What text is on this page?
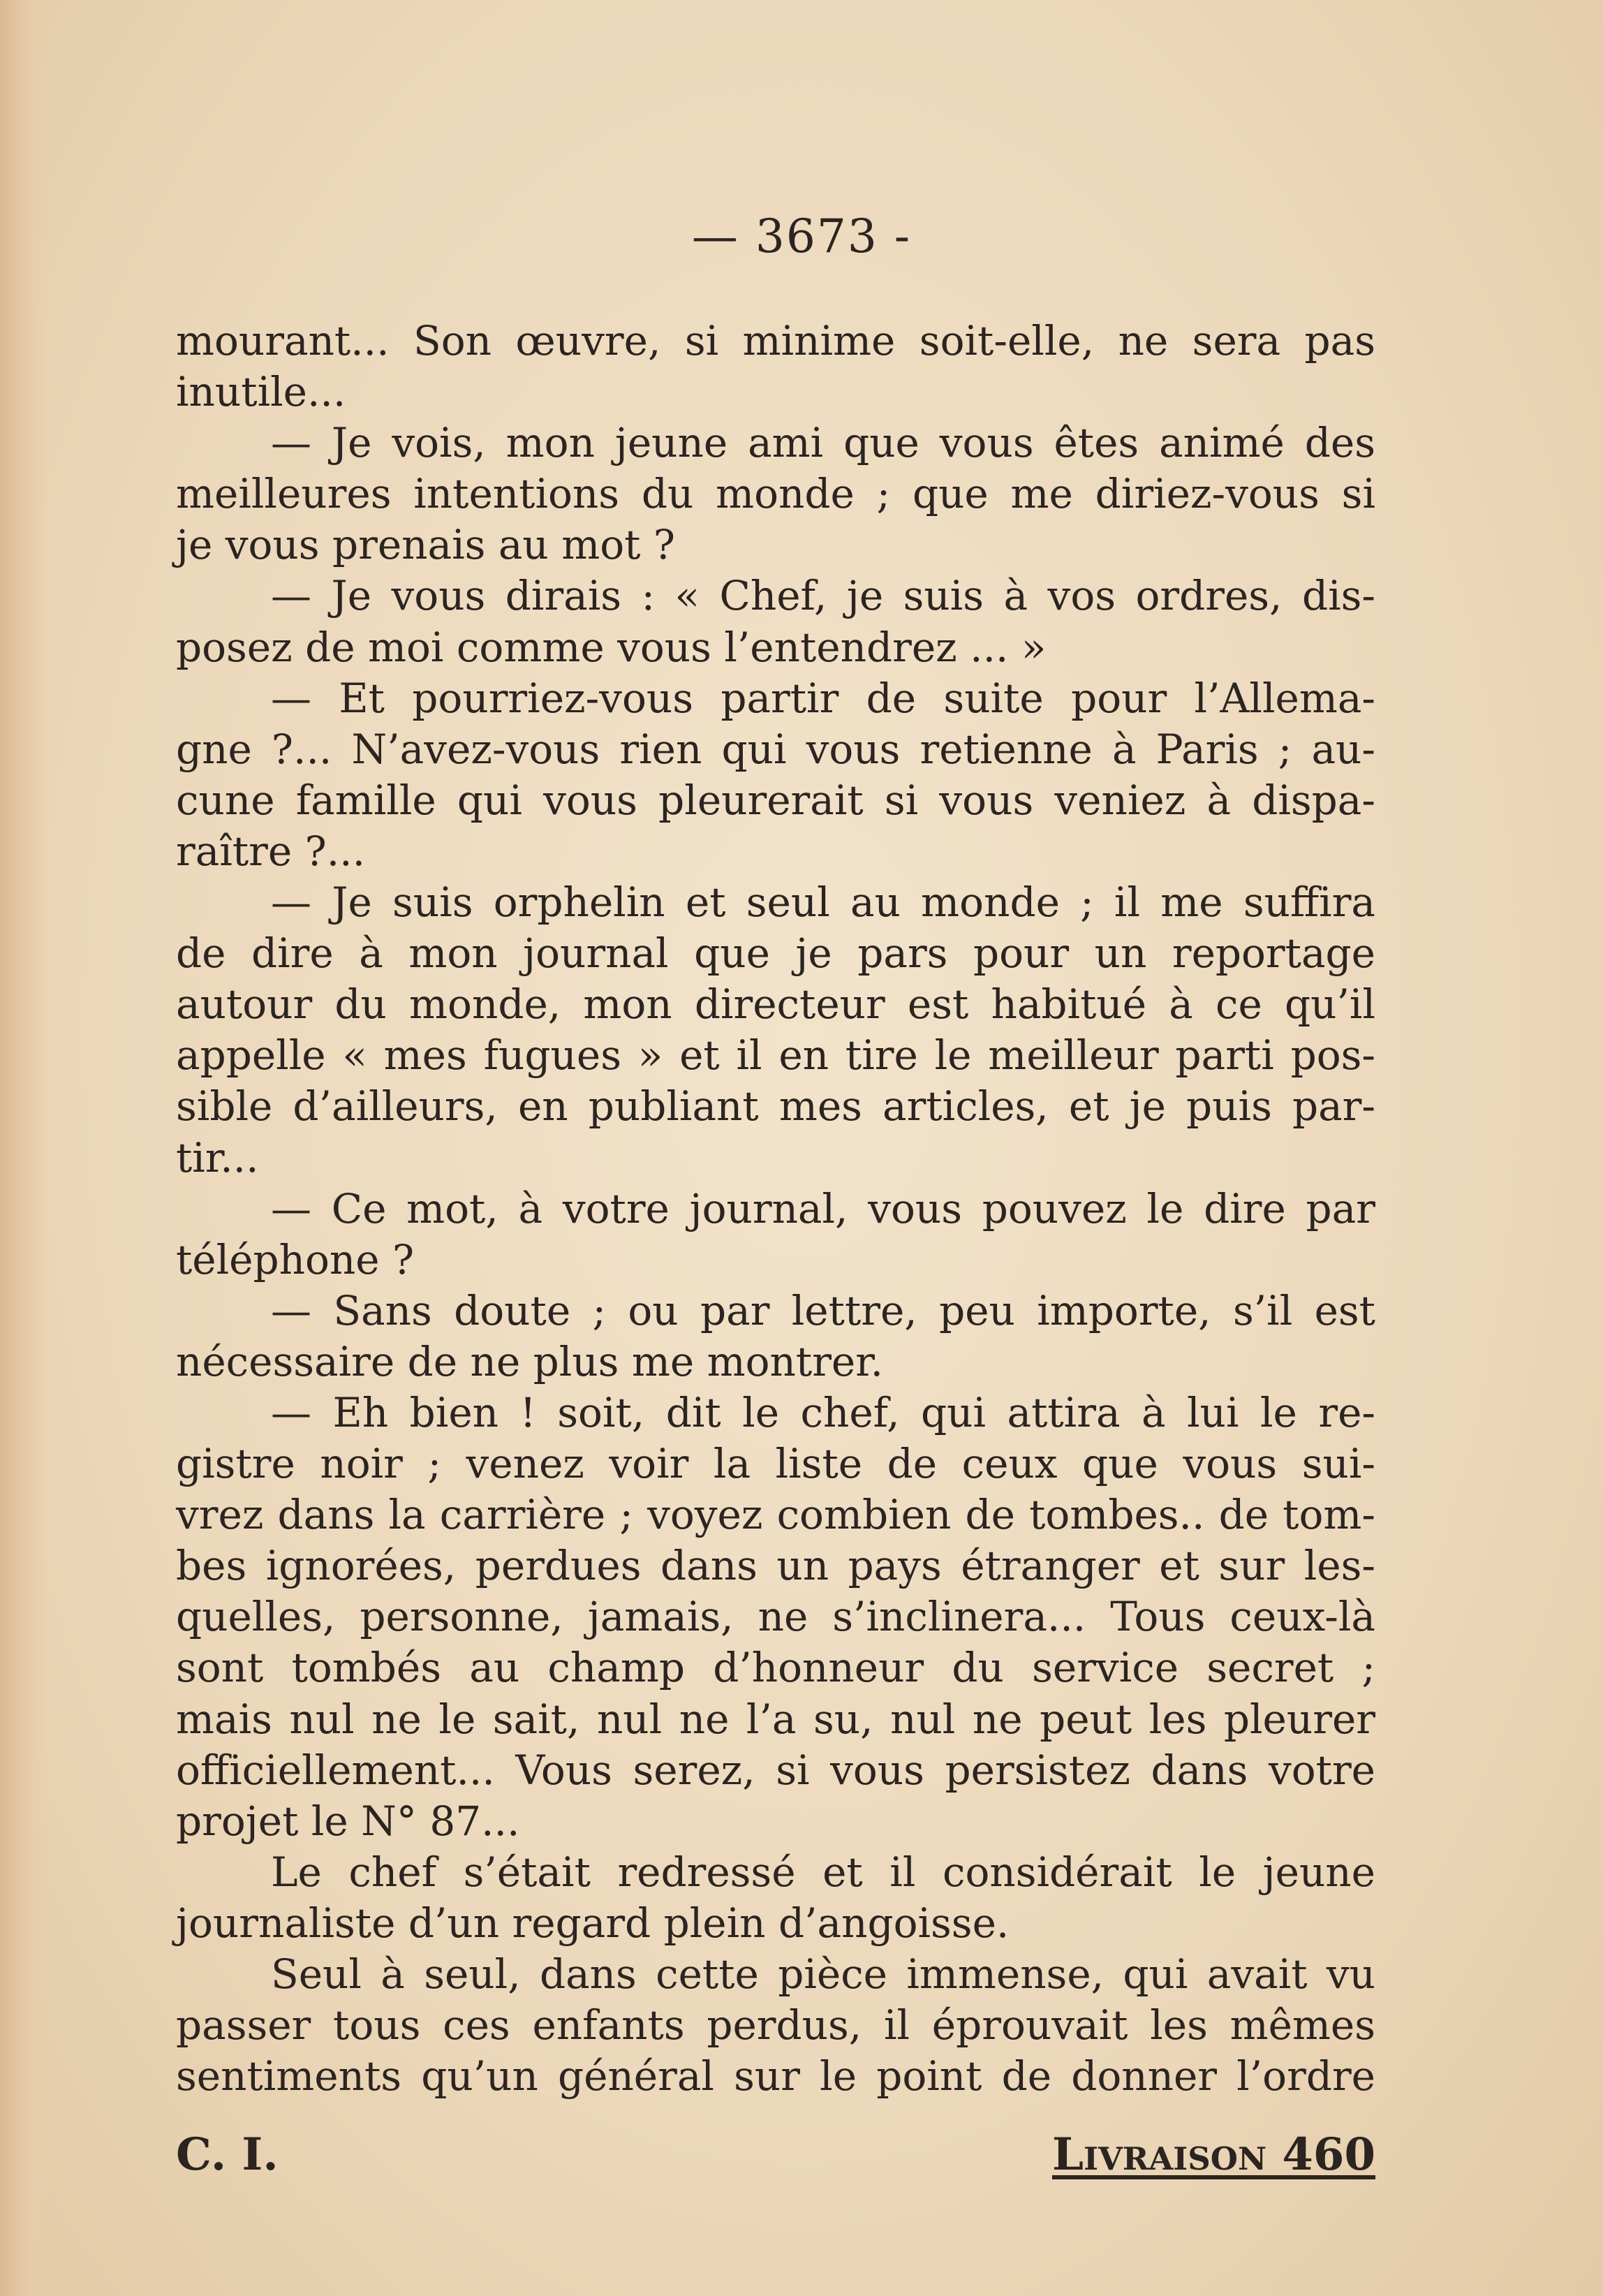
— 3673 -
mourant... Son œuvre, si minime soit-elle, ne sera pas
inutile...
— Je vois, mon jeune ami que vous êtes animé des
meilleures intentions du monde ; que me diriez-vous si
je vous prenais au mot ?
— Je vous dirais : « Chef, je suis à vos ordres, dis-
posez de moi comme vous l’entendrez ... »
— Et pourriez-vous partir de suite pour l’Allema-
gne ?... N’avez-vous rien qui vous retienne à Paris ; au-
cune famille qui vous pleurerait si vous veniez à dispa-
raître ?...
— Je suis orphelin et seul au monde ; il me suffira
de dire à mon journal que je pars pour un reportage
autour du monde, mon directeur est habitué à ce qu’il
appelle « mes fugues » et il en tire le meilleur parti pos-
sible d’ailleurs, en publiant mes articles, et je puis par-
tir...
— Ce mot, à votre journal, vous pouvez le dire par
téléphone ?
— Sans doute ; ou par lettre, peu importe, s’il est
nécessaire de ne plus me montrer.
— Eh bien ! soit, dit le chef, qui attira à lui le re-
gistre noir ; venez voir la liste de ceux que vous sui-
vrez dans la carrière ; voyez combien de tombes.. de tom-
bes ignorées, perdues dans un pays étranger et sur les-
quelles, personne, jamais, ne s’inclinera... Tous ceux-là
sont tombés au champ d’honneur du service secret ;
mais nul ne le sait, nul ne l’a su, nul ne peut les pleurer
officiellement... Vous serez, si vous persistez dans votre
projet le N° 87...
Le chef s’était redressé et il considérait le jeune
journaliste d’un regard plein d’angoisse.
Seul à seul, dans cette pièce immense, qui avait vu
passer tous ces enfants perdus, il éprouvait les mêmes
sentiments qu’un général sur le point de donner l’ordre
C. I.	Livraison 460
